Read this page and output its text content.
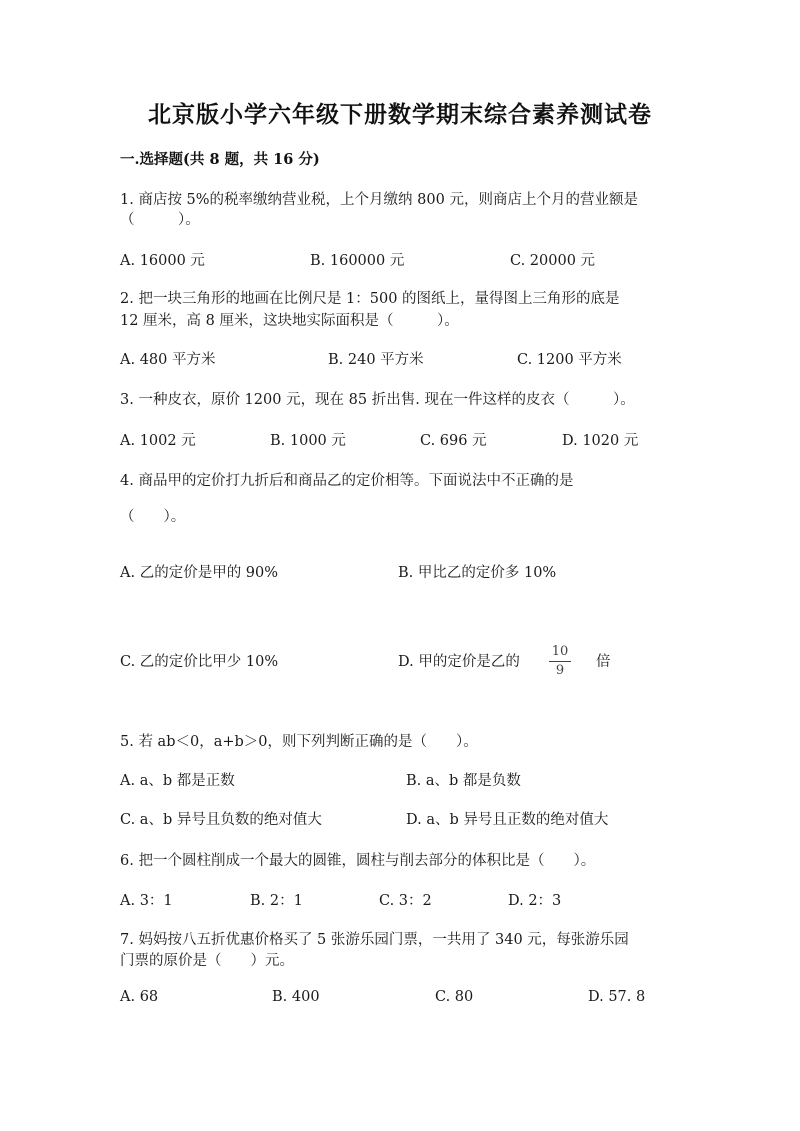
北京版小学六年级下册数学期末综合素养测试卷
一.选择题(共 8 题，共 16 分)
1. 商店按 5%的税率缴纳营业税，上个月缴纳 800 元，则商店上个月的营业额是
（　　　）。
A. 16000 元	B. 160000 元	C. 20000 元
2. 把一块三角形的地画在比例尺是 1：500 的图纸上，量得图上三角形的底是
12 厘米，高 8 厘米，这块地实际面积是（　　　）。
A. 480 平方米	B. 240 平方米	C. 1200 平方米
3. 一种皮衣，原价 1200 元，现在 85 折出售. 现在一件这样的皮衣（　　　）。
A. 1002 元	B. 1000 元	C. 696 元	D. 1020 元
4. 商品甲的定价打九折后和商品乙的定价相等。下面说法中不正确的是
（　　）。
A. 乙的定价是甲的 90%	B. 甲比乙的定价多 10%
C. 乙的定价比甲少 10%	D. 甲的定价是乙的
10
9
倍
5. 若 ab＜0，a+b＞0，则下列判断正确的是（　　）。
A. a、b 都是正数	B. a、b 都是负数
C. a、b 异号且负数的绝对值大	D. a、b 异号且正数的绝对值大
6. 把一个圆柱削成一个最大的圆锥，圆柱与削去部分的体积比是（　　）。
A. 3：1	B. 2：1	C. 3：2	D. 2：3
7. 妈妈按八五折优惠价格买了 5 张游乐园门票，一共用了 340 元，每张游乐园
门票的原价是（　　）元。
A. 68	B. 400	C. 80	D. 57. 8
